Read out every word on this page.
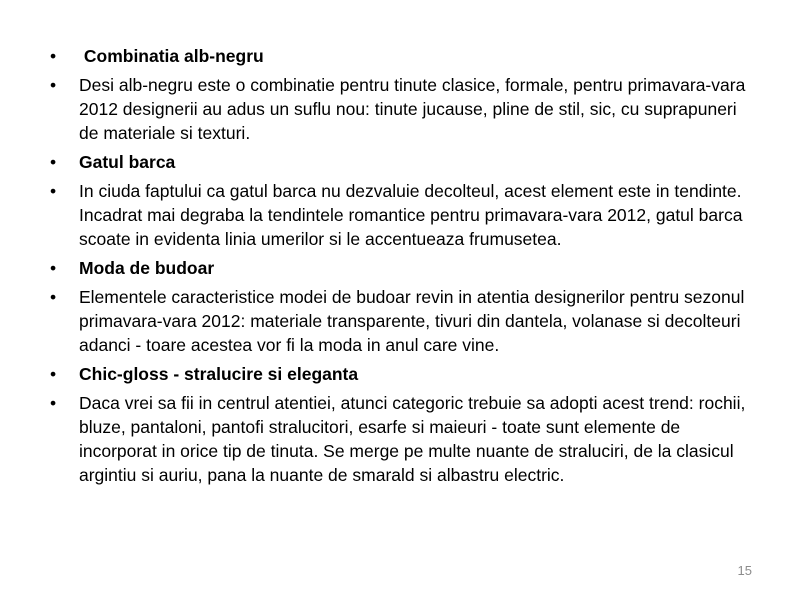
• Combinatia alb-negru
• Desi alb-negru este o combinatie pentru tinute clasice, formale, pentru primavara-vara 2012 designerii au adus un suflu nou: tinute jucause, pline de stil, sic, cu suprapuneri de materiale si texturi.
• Gatul barca
• In ciuda faptului ca gatul barca nu dezvaluie decolteul, acest element este in tendinte. Incadrat mai degraba la tendintele romantice pentru primavara-vara 2012, gatul barca scoate in evidenta linia umerilor si le accentueaza frumusetea.
• Moda de budoar
• Elementele caracteristice modei de budoar revin in atentia designerilor pentru sezonul primavara-vara 2012: materiale transparente, tivuri din dantela, volanase si decolteuri adanci - toare acestea vor fi la moda in anul care vine.
• Chic-gloss - stralucire si eleganta
• Daca vrei sa fii in centrul atentiei, atunci categoric trebuie sa adopti acest trend: rochii, bluze, pantaloni, pantofi stralucitori, esarfe si maieuri - toate sunt elemente de incorporat in orice tip de tinuta. Se merge pe multe nuante de straluciri, de la clasicul argintiu si auriu, pana la nuante de smarald si albastru electric.
15
